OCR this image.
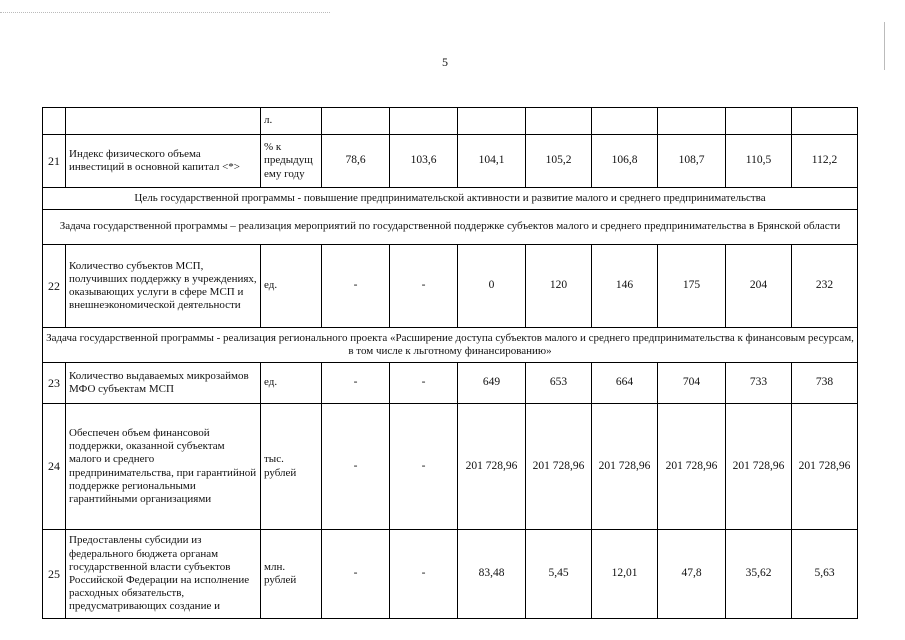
5
		л.								
21	Индекс физического объема инвестиций в основной капитал <*>	% к предыдущ ему году	78,6	103,6	104,1	105,2	106,8	108,7	110,5	112,2
Цель государственной программы - повышение предпринимательской активности и развитие малого и среднего предпринимательства										
Задача государственной программы – реализация мероприятий по государственной поддержке субъектов малого и среднего предпринимательства в Брянской области										
22	Количество субъектов МСП, получивших поддержку в учреждениях, оказывающих услуги в сфере МСП и внешнеэкономической деятельности	ед.	-	-	0	120	146	175	204	232
Задача государственной программы - реализация регионального проекта «Расширение доступа субъектов малого и среднего предпринимательства к финансовым ресурсам, в том числе к льготному финансированию»										
23	Количество выдаваемых микрозаймов МФО субъектам МСП	ед.	-	-	649	653	664	704	733	738
24	Обеспечен объем финансовой поддержки, оказанной субъектам малого и среднего предпринимательства, при гарантийной поддержке региональными гарантийными организациями	тыс. рублей	-	-	201 728,96	201 728,96	201 728,96	201 728,96	201 728,96	201 728,96
25	Предоставлены субсидии из федерального бюджета органам государственной власти субъектов Российской Федерации на исполнение расходных обязательств, предусматривающих создание и	млн. рублей	-	-	83,48	5,45	12,01	47,8	35,62	5,63
